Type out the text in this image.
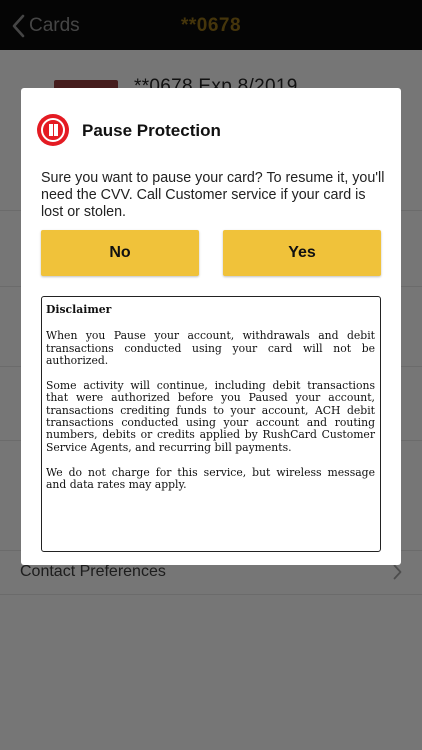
Pause Protection
Sure you want to pause your card? To resume it, you'll need the CVV. Call Customer service if your card is lost or stolen.
No	Yes
Disclaimer

When you Pause your account, withdrawals and debit transactions conducted using your card will not be authorized.

Some activity will continue, including debit transactions that were authorized before you Paused your account, transactions crediting funds to your account, ACH debit transactions conducted using your account and routing numbers, debits or credits applied by RushCard Customer Service Agents, and recurring bill payments.

We do not charge for this service, but wireless message and data rates may apply.
